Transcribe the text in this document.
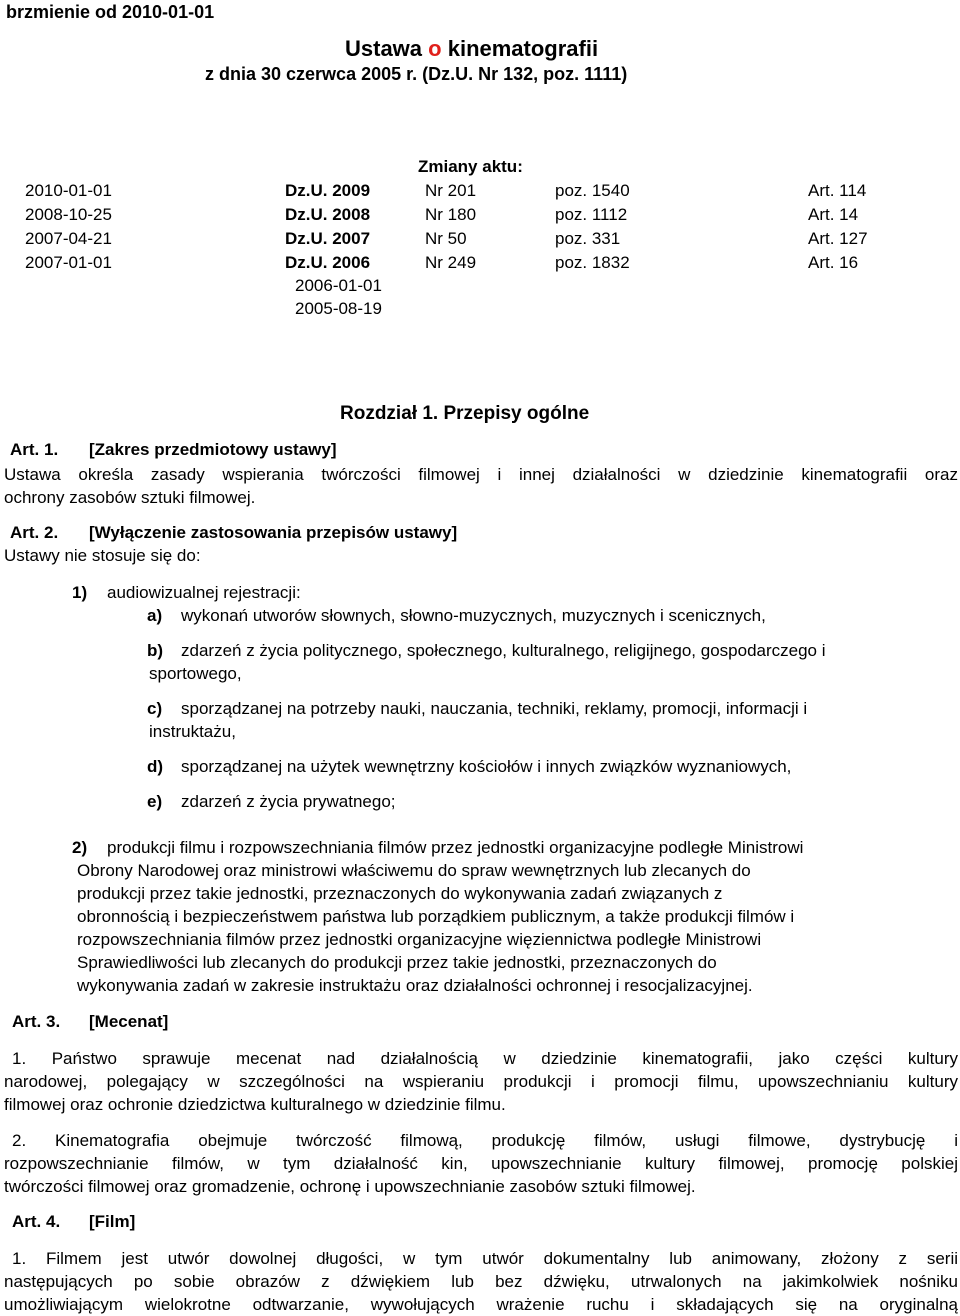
brzmienie od 2010-01-01
Ustawa o kinematografii
z dnia 30 czerwca 2005 r. (Dz.U. Nr 132, poz. 1111)
Zmiany aktu:
2010-01-01	Dz.U. 2009	Nr 201	poz. 1540	Art. 114
2008-10-25	Dz.U. 2008	Nr 180	poz. 1112	Art. 14
2007-04-21	Dz.U. 2007	Nr 50	poz. 331	Art. 127
2007-01-01	Dz.U. 2006	Nr 249	poz. 1832	Art. 16
2006-01-01
2005-08-19
Rozdział 1. Przepisy ogólne
Art. 1. [Zakres przedmiotowy ustawy]
Ustawa określa zasady wspierania twórczości filmowej i innej działalności w dziedzinie kinematografii oraz
ochrony zasobów sztuki filmowej.
Art. 2. [Wyłączenie zastosowania przepisów ustawy]
Ustawy nie stosuje się do:
1) audiowizualnej rejestracji:
a) wykonań utworów słownych, słowno-muzycznych, muzycznych i scenicznych,
b) zdarzeń z życia politycznego, społecznego, kulturalnego, religijnego, gospodarczego i
sportowego,
c) sporządzanej na potrzeby nauki, nauczania, techniki, reklamy, promocji, informacji i
instruktażu,
d) sporządzanej na użytek wewnętrzny kościołów i innych związków wyznaniowych,
e) zdarzeń z życia prywatnego;
2) produkcji filmu i rozpowszechniania filmów przez jednostki organizacyjne podległe Ministrowi
Obrony Narodowej oraz ministrowi właściwemu do spraw wewnętrznych lub zlecanych do
produkcji przez takie jednostki, przeznaczonych do wykonywania zadań związanych z
obronnością i bezpieczeństwem państwa lub porządkiem publicznym, a także produkcji filmów i
rozpowszechniania filmów przez jednostki organizacyjne więziennictwa podległe Ministrowi
Sprawiedliwości lub zlecanych do produkcji przez takie jednostki, przeznaczonych do
wykonywania zadań w zakresie instruktażu oraz działalności ochronnej i resocjalizacyjnej.
Art. 3. [Mecenat]
1. Państwo sprawuje mecenat nad działalnością w dziedzinie kinematografii, jako części kultury
narodowej, polegający w szczególności na wspieraniu produkcji i promocji filmu, upowszechnianiu kultury
filmowej oraz ochronie dziedzictwa kulturalnego w dziedzinie filmu.
2. Kinematografia obejmuje twórczość filmową, produkcję filmów, usługi filmowe, dystrybucję i
rozpowszechnianie filmów, w tym działalność kin, upowszechnianie kultury filmowej, promocję polskiej
twórczości filmowej oraz gromadzenie, ochronę i upowszechnianie zasobów sztuki filmowej.
Art. 4. [Film]
1. Filmem jest utwór dowolnej długości, w tym utwór dokumentalny lub animowany, złożony z serii
następujących po sobie obrazów z dźwiękiem lub bez dźwięku, utrwalonych na jakimkolwiek nośniku
umożliwiającym wielokrotne odtwarzanie, wywołujących wrażenie ruchu i składających się na oryginalną
